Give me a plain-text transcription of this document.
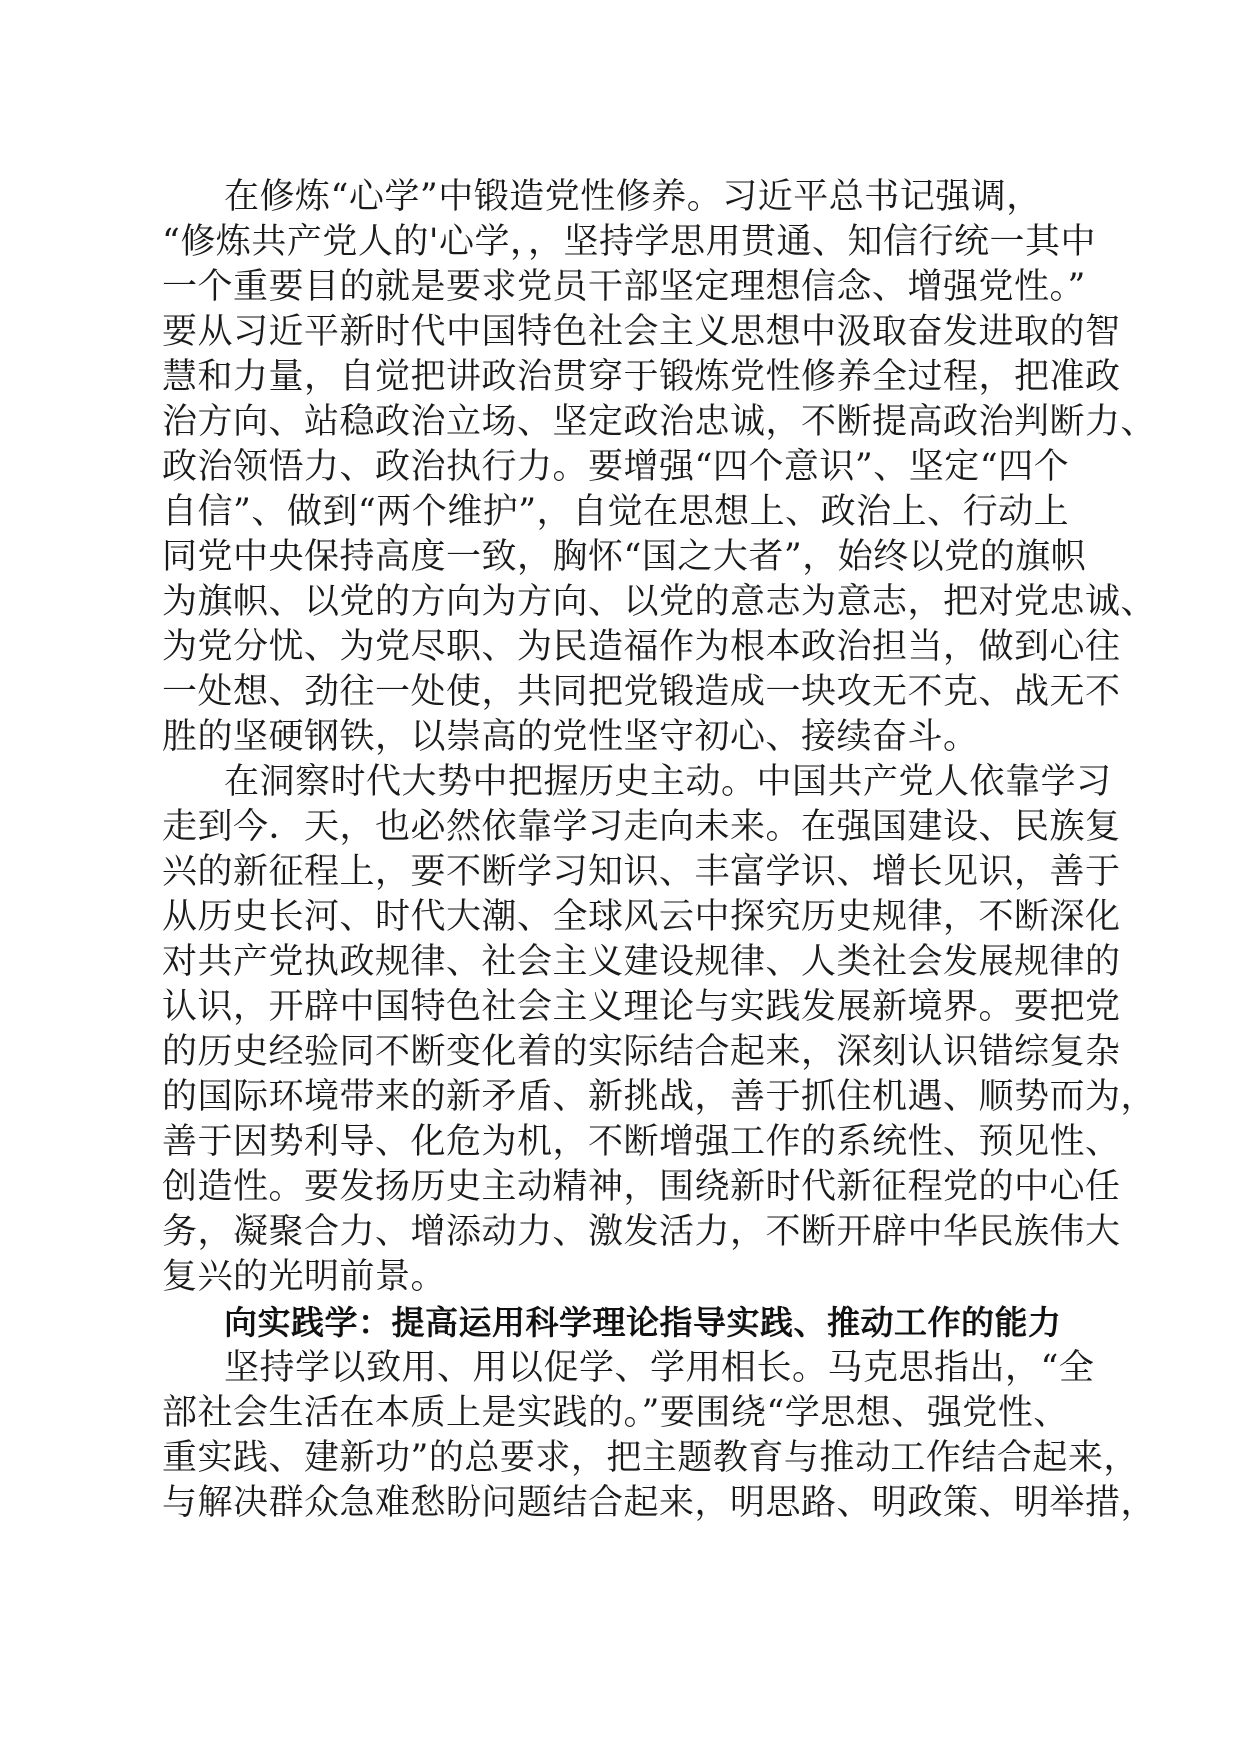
在修炼“心学”中锻造党性修养。习近平总书记强调，
“修炼共产党人的'心学，，坚持学思用贯通、知信行统一其中
一个重要目的就是要求党员干部坚定理想信念、增强党性。”
要从习近平新时代中国特色社会主义思想中汲取奋发进取的智
慧和力量，自觉把讲政治贯穿于锻炼党性修养全过程，把准政
治方向、站稳政治立场、坚定政治忠诚，不断提高政治判断力、
政治领悟力、政治执行力。要增强“四个意识”、坚定“四个
自信”、做到“两个维护”，自觉在思想上、政治上、行动上
同党中央保持高度一致，胸怀“国之大者”，始终以党的旗帜
为旗帜、以党的方向为方向、以党的意志为意志，把对党忠诚、
为党分忧、为党尽职、为民造福作为根本政治担当，做到心往
一处想、劲往一处使，共同把党锻造成一块攻无不克、战无不
胜的坚硬钢铁，以崇高的党性坚守初心、接续奋斗。
在洞察时代大势中把握历史主动。中国共产党人依靠学习
走到今．天，也必然依靠学习走向未来。在强国建设、民族复
兴的新征程上，要不断学习知识、丰富学识、增长见识，善于
从历史长河、时代大潮、全球风云中探究历史规律，不断深化
对共产党执政规律、社会主义建设规律、人类社会发展规律的
认识，开辟中国特色社会主义理论与实践发展新境界。要把党
的历史经验同不断变化着的实际结合起来，深刻认识错综复杂
的国际环境带来的新矛盾、新挑战，善于抓住机遇、顺势而为，
善于因势利导、化危为机，不断增强工作的系统性、预见性、
创造性。要发扬历史主动精神，围绕新时代新征程党的中心任
务，凝聚合力、增添动力、激发活力，不断开辟中华民族伟大
复兴的光明前景。
向实践学：提高运用科学理论指导实践、推动工作的能力
坚持学以致用、用以促学、学用相长。马克思指出，“全
部社会生活在本质上是实践的。”要围绕“学思想、强党性、
重实践、建新功”的总要求，把主题教育与推动工作结合起来，
与解决群众急难愁盼问题结合起来，明思路、明政策、明举措，
